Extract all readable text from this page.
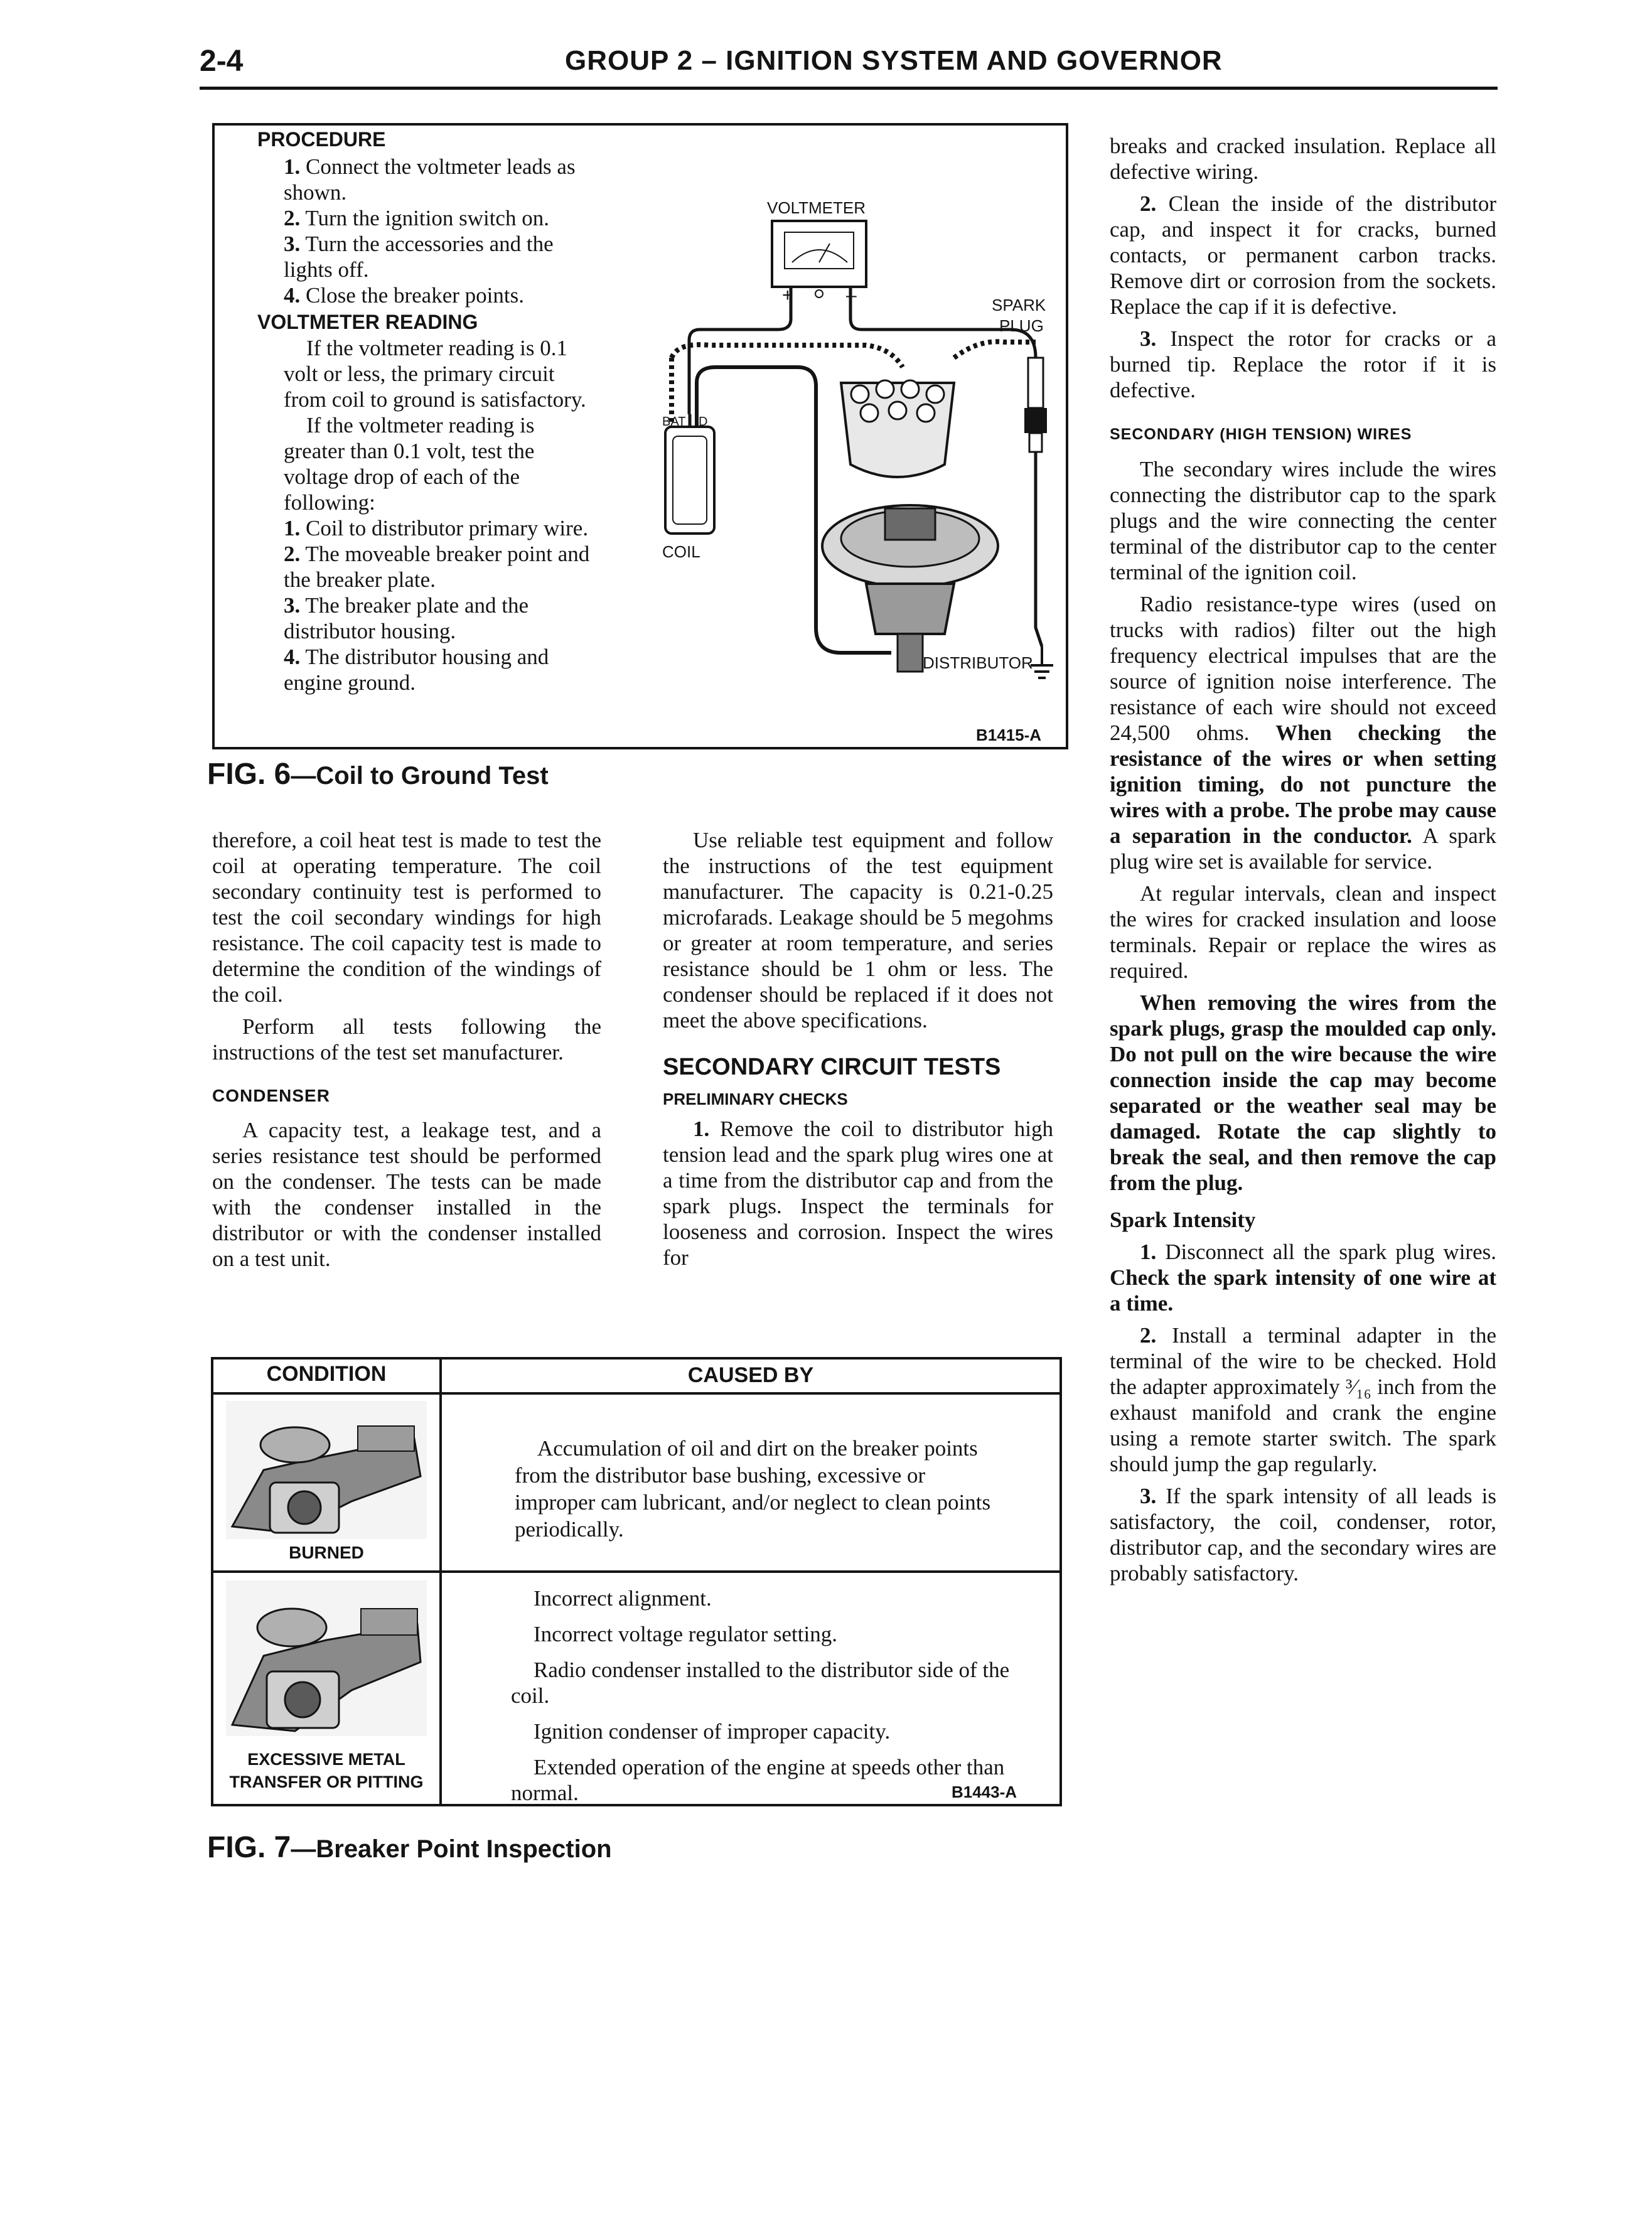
2-4	GROUP 2 – IGNITION SYSTEM AND GOVERNOR
PROCEDURE
1. Connect the voltmeter leads as shown.
2. Turn the ignition switch on.
3. Turn the accessories and the lights off.
4. Close the breaker points.
VOLTMETER READING
If the voltmeter reading is 0.1 volt or less, the primary circuit from coil to ground is satisfactory.
If the voltmeter reading is greater than 0.1 volt, test the voltage drop of each of the following:
1. Coil to distributor primary wire.
2. The moveable breaker point and the breaker plate.
3. The breaker plate and the distributor housing.
4. The distributor housing and engine ground.
VOLTMETER
+	–	SPARK
PLUG
BAT D
COIL
DISTRIBUTOR
B1415-A
FIG. 6—Coil to Ground Test

therefore, a coil heat test is made to test the coil at operating temperature. The coil secondary continuity test is performed to test the coil secondary windings for high resistance. The coil capacity test is made to determine the condition of the windings of the coil.

Perform all tests following the instructions of the test set manufacturer.

CONDENSER

A capacity test, a leakage test, and a series resistance test should be performed on the condenser. The tests can be made with the condenser installed in the distributor or with the condenser installed on a test unit.

Use reliable test equipment and follow the instructions of the test equipment manufacturer. The capacity is 0.21-0.25 microfarads. Leakage should be 5 megohms or greater at room temperature, and series resistance should be 1 ohm or less. The condenser should be replaced if it does not meet the above specifications.

SECONDARY CIRCUIT TESTS
PRELIMINARY CHECKS

1. Remove the coil to distributor high tension lead and the spark plug wires one at a time from the distributor cap and from the spark plugs. Inspect the terminals for looseness and corrosion. Inspect the wires for

CONDITION	CAUSED BY
BURNED
Accumulation of oil and dirt on the breaker points from the distributor base bushing, excessive or improper cam lubricant, and/or neglect to clean points periodically.
EXCESSIVE METAL
TRANSFER OR PITTING
Incorrect alignment.
Incorrect voltage regulator setting.
Radio condenser installed to the distributor side of the coil.
Ignition condenser of improper capacity.
Extended operation of the engine at speeds other than normal.	B1443-A
FIG. 7—Breaker Point Inspection

breaks and cracked insulation. Replace all defective wiring.

2. Clean the inside of the distributor cap, and inspect it for cracks, burned contacts, or permanent carbon tracks. Remove dirt or corrosion from the sockets. Replace the cap if it is defective.

3. Inspect the rotor for cracks or a burned tip. Replace the rotor if it is defective.

SECONDARY (HIGH TENSION) WIRES

The secondary wires include the wires connecting the distributor cap to the spark plugs and the wire connecting the center terminal of the distributor cap to the center terminal of the ignition coil.

Radio resistance-type wires (used on trucks with radios) filter out the high frequency electrical impulses that are the source of ignition noise interference. The resistance of each wire should not exceed 24,500 ohms. When checking the resistance of the wires or when setting ignition timing, do not puncture the wires with a probe. The probe may cause a separation in the conductor. A spark plug wire set is available for service.

At regular intervals, clean and inspect the wires for cracked insulation and loose terminals. Repair or replace the wires as required.

When removing the wires from the spark plugs, grasp the moulded cap only. Do not pull on the wire because the wire connection inside the cap may become separated or the weather seal may be damaged. Rotate the cap slightly to break the seal, and then remove the cap from the plug.

Spark Intensity

1. Disconnect all the spark plug wires. Check the spark intensity of one wire at a time.

2. Install a terminal adapter in the terminal of the wire to be checked. Hold the adapter approximately ³⁄₁₆ inch from the exhaust manifold and crank the engine using a remote starter switch. The spark should jump the gap regularly.

3. If the spark intensity of all leads is satisfactory, the coil, condenser, rotor, distributor cap, and the secondary wires are probably satisfactory.
